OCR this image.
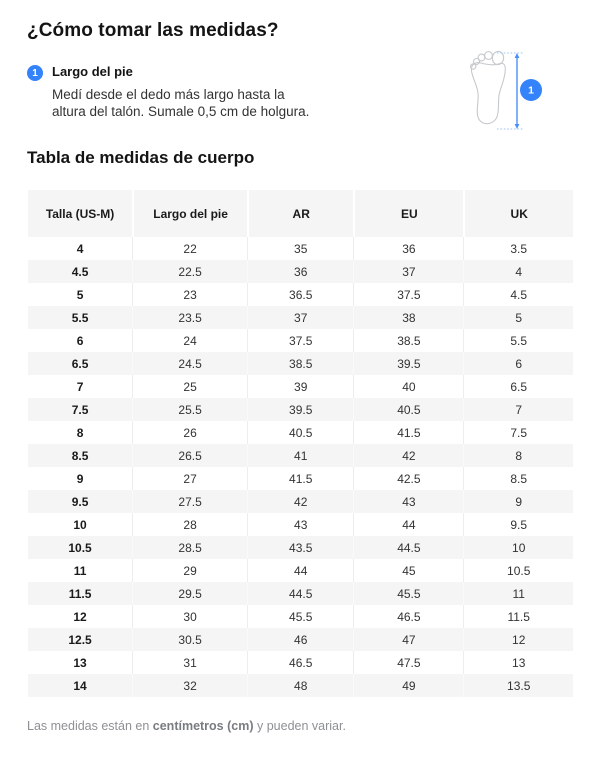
¿Cómo tomar las medidas?
1	Largo del pie
Medí desde el dedo más largo hasta la
altura del talón. Sumale 0,5 cm de holgura.
1
Tabla de medidas de cuerpo
Talla (US-M)	Largo del pie	AR	EU	UK
4	22	35	36	3.5
4.5	22.5	36	37	4
5	23	36.5	37.5	4.5
5.5	23.5	37	38	5
6	24	37.5	38.5	5.5
6.5	24.5	38.5	39.5	6
7	25	39	40	6.5
7.5	25.5	39.5	40.5	7
8	26	40.5	41.5	7.5
8.5	26.5	41	42	8
9	27	41.5	42.5	8.5
9.5	27.5	42	43	9
10	28	43	44	9.5
10.5	28.5	43.5	44.5	10
11	29	44	45	10.5
11.5	29.5	44.5	45.5	11
12	30	45.5	46.5	11.5
12.5	30.5	46	47	12
13	31	46.5	47.5	13
14	32	48	49	13.5

Las medidas están en centímetros (cm) y pueden variar.
